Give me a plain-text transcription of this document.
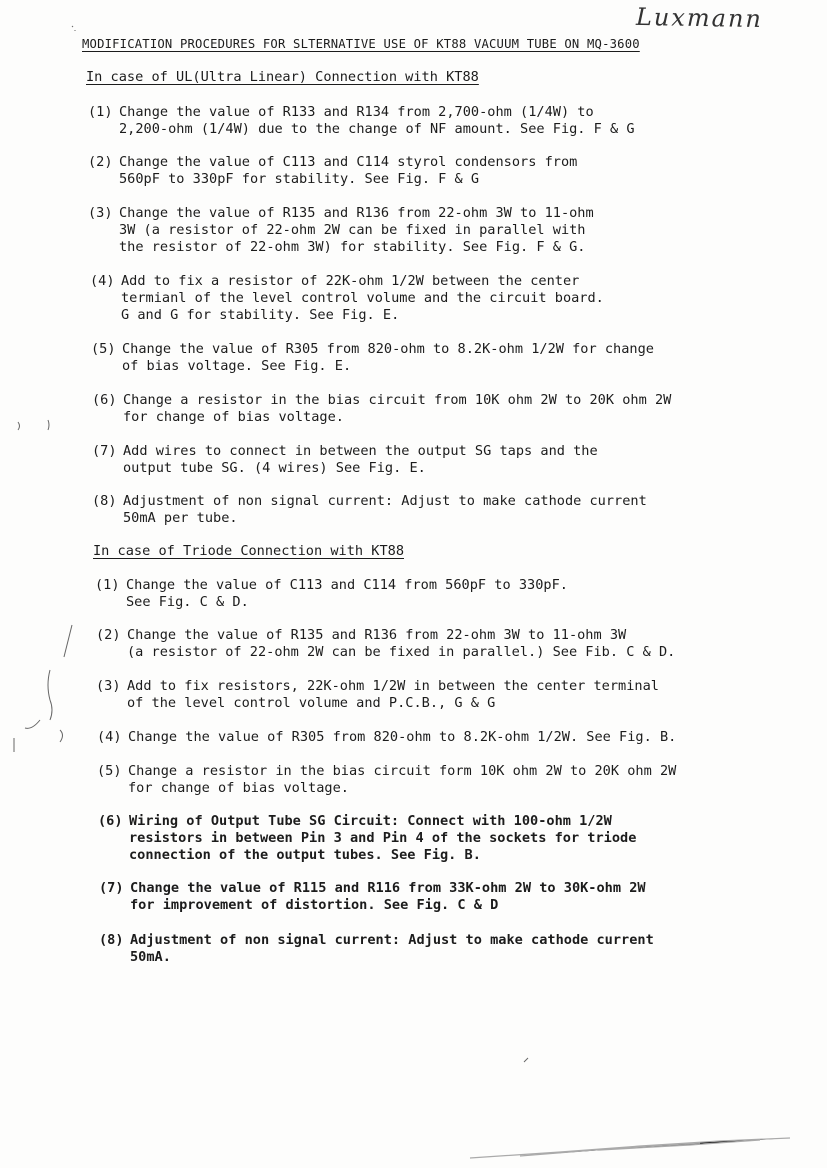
Luxmann
MODIFICATION PROCEDURES FOR SLTERNATIVE USE OF KT88 VACUUM TUBE ON MQ-3600
In case of UL(Ultra Linear) Connection with KT88
(1) Change the value of R133 and R134 from 2,700-ohm (1/4W) to
2,200-ohm (1/4W) due to the change of NF amount. See Fig. F & G
(2) Change the value of C113 and C114 styrol condensors from
560pF to 330pF for stability. See Fig. F & G
(3) Change the value of R135 and R136 from 22-ohm 3W to 11-ohm
3W (a resistor of 22-ohm 2W can be fixed in parallel with
the resistor of 22-ohm 3W) for stability. See Fig. F & G.
(4) Add to fix a resistor of 22K-ohm 1/2W between the center
termianl of the level control volume and the circuit board.
G and G for stability. See Fig. E.
(5) Change the value of R305 from 820-ohm to 8.2K-ohm 1/2W for change
of bias voltage. See Fig. E.
(6) Change a resistor in the bias circuit from 10K ohm 2W to 20K ohm 2W
for change of bias voltage.
(7) Add wires to connect in between the output SG taps and the
output tube SG. (4 wires) See Fig. E.
(8) Adjustment of non signal current: Adjust to make cathode current
50mA per tube.
In case of Triode Connection with KT88
(1) Change the value of C113 and C114 from 560pF to 330pF.
See Fig. C & D.
(2) Change the value of R135 and R136 from 22-ohm 3W to 11-ohm 3W
(a resistor of 22-ohm 2W can be fixed in parallel.) See Fib. C & D.
(3) Add to fix resistors, 22K-ohm 1/2W in between the center terminal
of the level control volume and P.C.B., G & G
(4) Change the value of R305 from 820-ohm to 8.2K-ohm 1/2W. See Fig. B.
(5) Change a resistor in the bias circuit form 10K ohm 2W to 20K ohm 2W
for change of bias voltage.
(6) Wiring of Output Tube SG Circuit: Connect with 100-ohm 1/2W
resistors in between Pin 3 and Pin 4 of the sockets for triode
connection of the output tubes. See Fig. B.
(7) Change the value of R115 and R116 from 33K-ohm 2W to 30K-ohm 2W
for improvement of distortion. See Fig. C & D
(8) Adjustment of non signal current: Adjust to make cathode current
50mA.
